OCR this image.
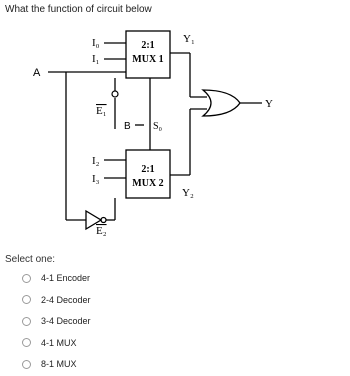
What the function of circuit below
I₀
I₁
A
E₁
B S₀
I₂
I₃
E₂
Y₁
Y₂
Y
2:1
MUX 1
2:1
MUX 2
Select one:
4-1 Encoder
2-4 Decoder
3-4 Decoder
4-1 MUX
8-1 MUX
